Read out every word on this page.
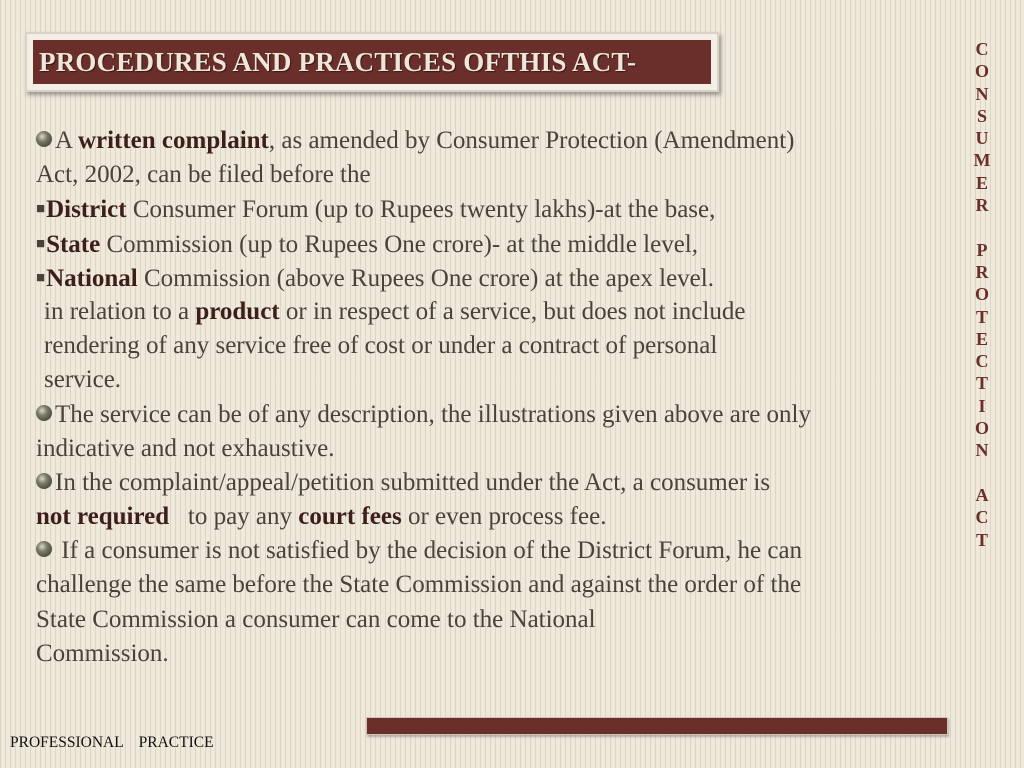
PROCEDURES AND PRACTICES OFTHIS ACT-
A written complaint, as amended by Consumer Protection (Amendment)
Act, 2002, can be filed before the
■District Consumer Forum (up to Rupees twenty lakhs)-at the base,
■State Commission (up to Rupees One crore)- at the middle level,
■National Commission (above Rupees One crore) at the apex level.
in relation to a product or in respect of a service, but does not include
rendering of any service free of cost or under a contract of personal
service.
The service can be of any description, the illustrations given above are only
indicative and not exhaustive.
In the complaint/appeal/petition submitted under the Act, a consumer is
not required   to pay any court fees or even process fee.
If a consumer is not satisfied by the decision of the District Forum, he can
challenge the same before the State Commission and against the order of the
State Commission a consumer can come to the National
Commission.
C
O
N
S
U
M
E
R
P
R
O
T
E
C
T
I
O
N
A
C
T
PROFESSIONAL    PRACTICE
